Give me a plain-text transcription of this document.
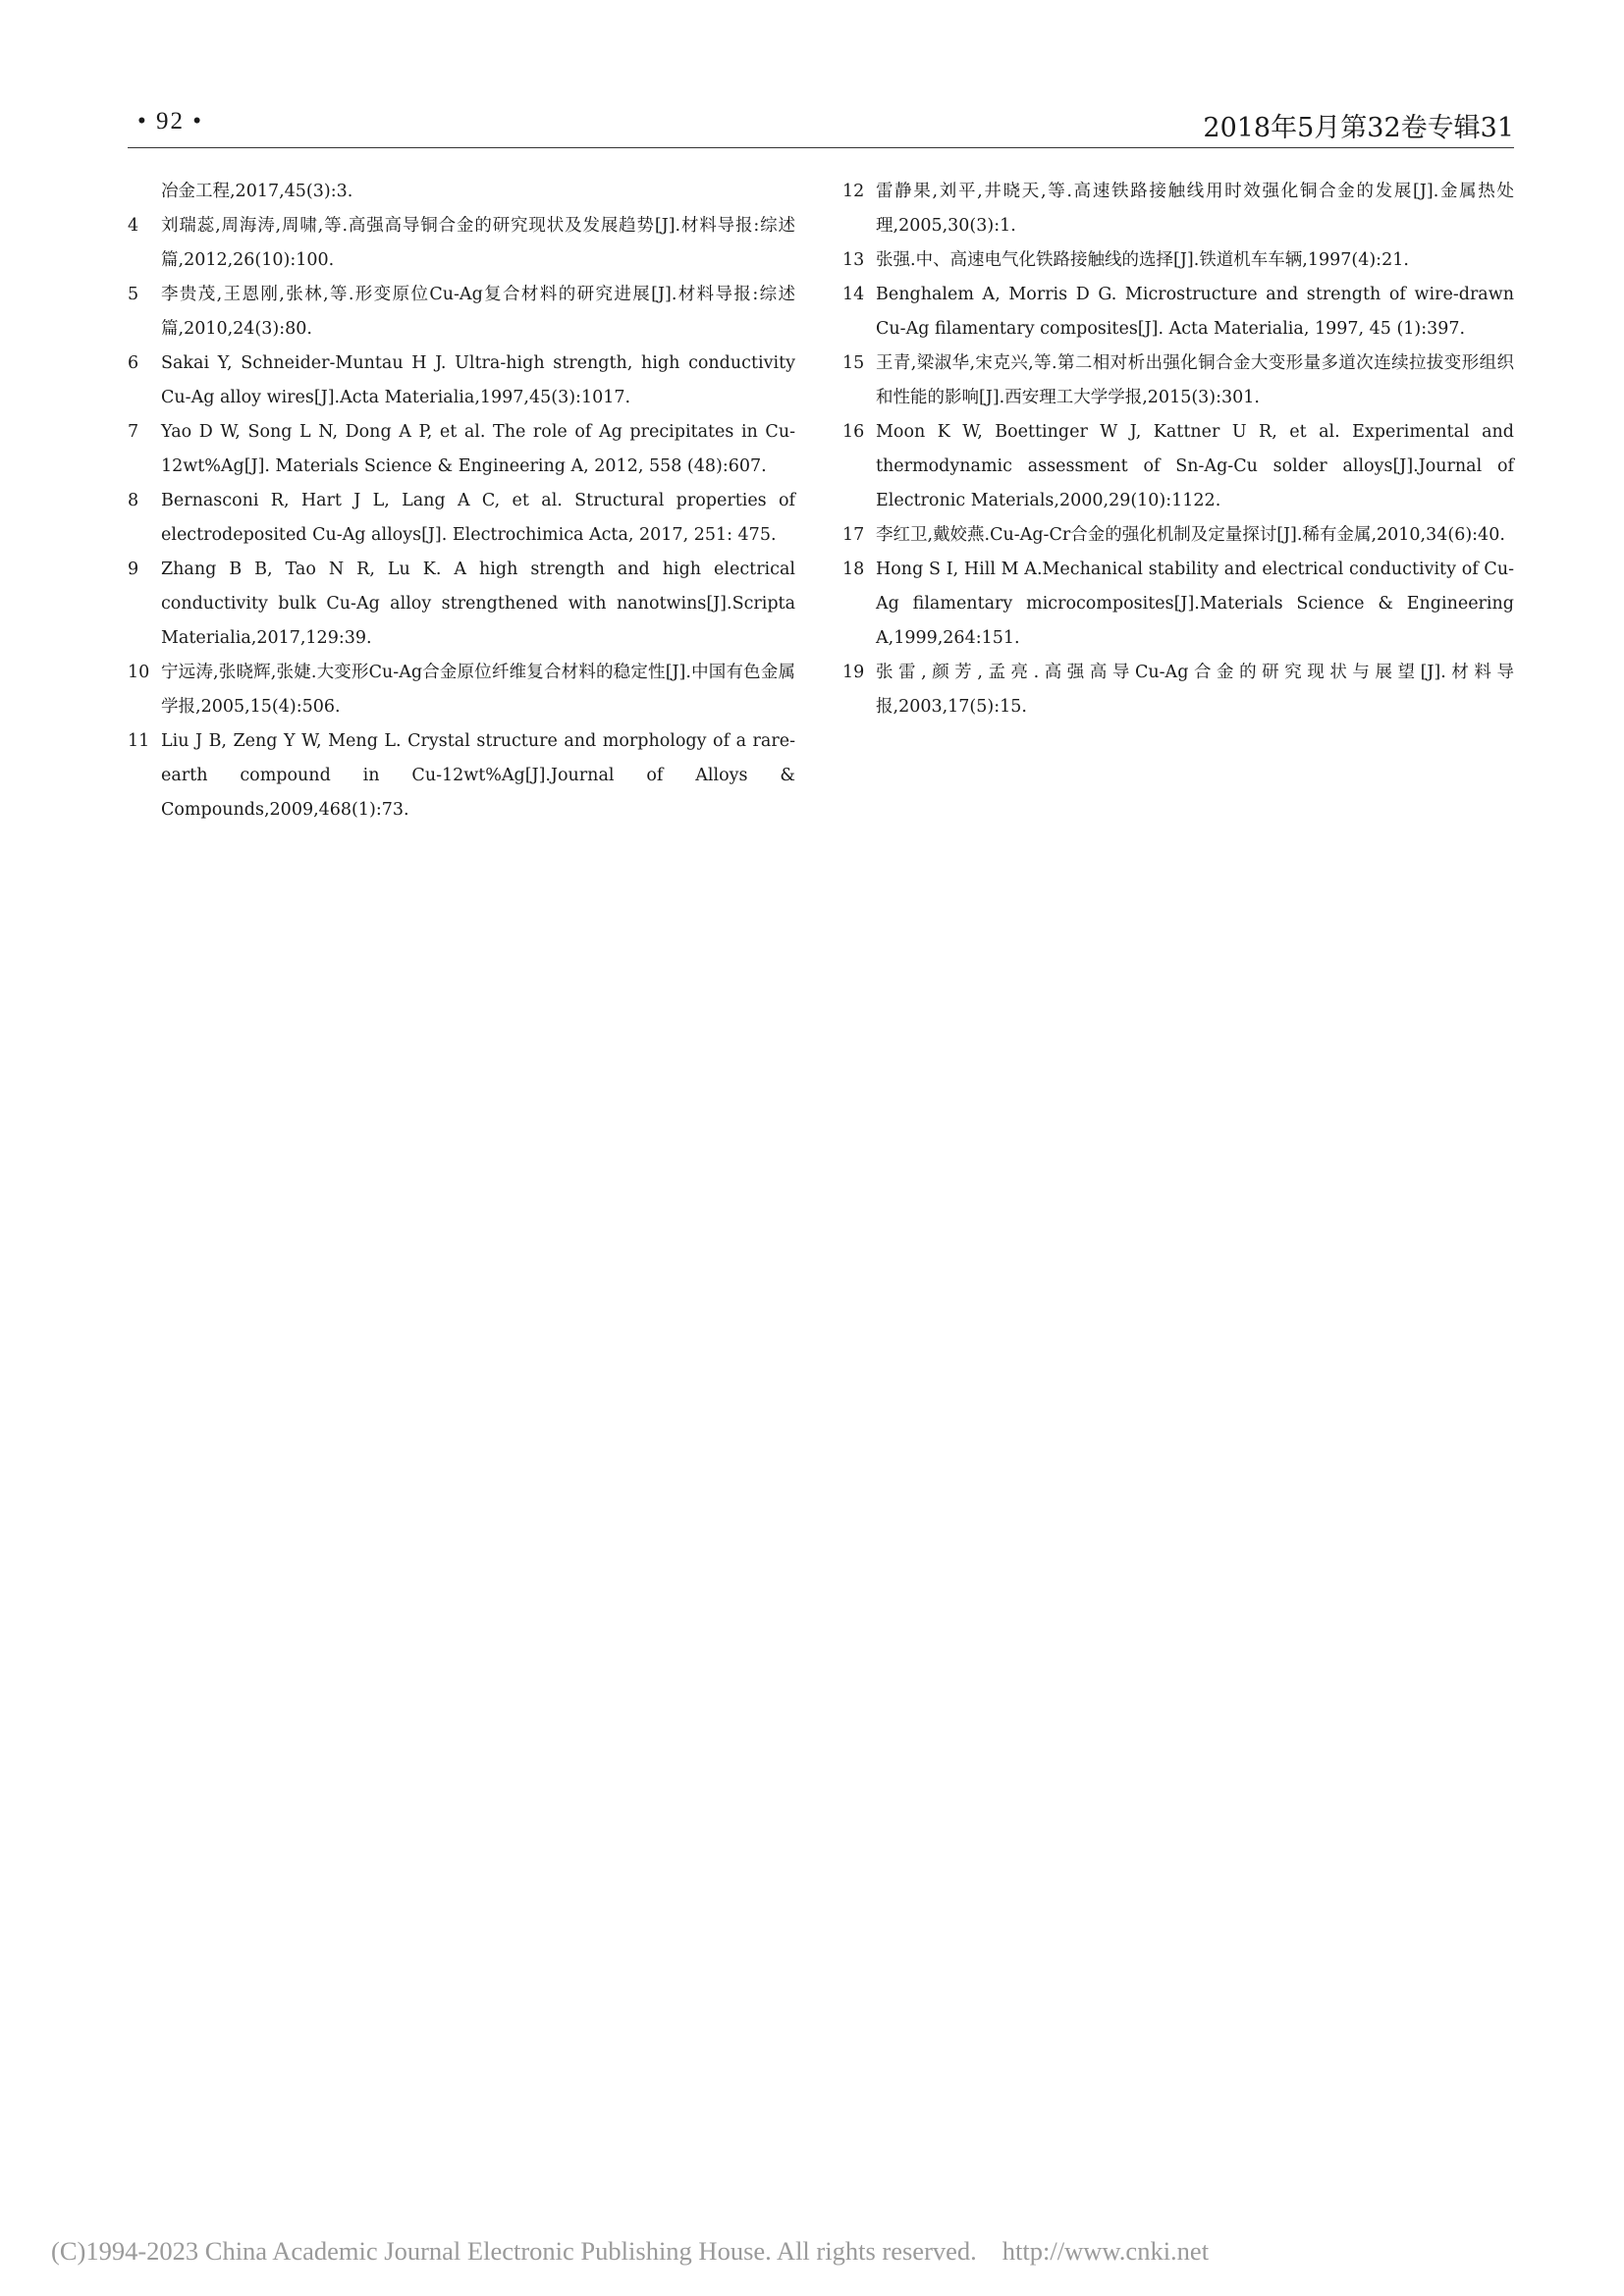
• 92 •	2018年5月第32卷专辑31
冶金工程,2017,45(3):3.
4 刘瑞蕊,周海涛,周啸,等.高强高导铜合金的研究现状及发展趋势[J].材料导报:综述篇,2012,26(10):100.
5 李贵茂,王恩刚,张林,等.形变原位Cu-Ag复合材料的研究进展[J].材料导报:综述篇,2010,24(3):80.
6 Sakai Y, Schneider-Muntau H J. Ultra-high strength, high conductivity Cu-Ag alloy wires[J].Acta Materialia,1997,45(3):1017.
7 Yao D W, Song L N, Dong A P, et al. The role of Ag precipitates in Cu-12wt%Ag[J]. Materials Science & Engineering A, 2012, 558 (48):607.
8 Bernasconi R, Hart J L, Lang A C, et al. Structural properties of electrodeposited Cu-Ag alloys[J]. Electrochimica Acta, 2017, 251: 475.
9 Zhang B B, Tao N R, Lu K. A high strength and high electrical conductivity bulk Cu-Ag alloy strengthened with nanotwins[J].Scripta Materialia,2017,129:39.
10 宁远涛,张晓辉,张婕.大变形Cu-Ag合金原位纤维复合材料的稳定性[J].中国有色金属学报,2005,15(4):506.
11 Liu J B, Zeng Y W, Meng L. Crystal structure and morphology of a rare-earth compound in Cu-12wt%Ag[J].Journal of Alloys & Compounds,2009,468(1):73.
12 雷静果,刘平,井晓天,等.高速铁路接触线用时效强化铜合金的发展[J].金属热处理,2005,30(3):1.
13 张强.中、高速电气化铁路接触线的选择[J].铁道机车车辆,1997(4):21.
14 Benghalem A, Morris D G. Microstructure and strength of wire-drawn Cu-Ag filamentary composites[J]. Acta Materialia, 1997, 45 (1):397.
15 王青,梁淑华,宋克兴,等.第二相对析出强化铜合金大变形量多道次连续拉拔变形组织和性能的影响[J].西安理工大学学报,2015(3):301.
16 Moon K W, Boettinger W J, Kattner U R, et al. Experimental and thermodynamic assessment of Sn-Ag-Cu solder alloys[J].Journal of Electronic Materials,2000,29(10):1122.
17 李红卫,戴姣燕.Cu-Ag-Cr合金的强化机制及定量探讨[J].稀有金属,2010,34(6):40.
18 Hong S I, Hill M A.Mechanical stability and electrical conductivity of Cu-Ag filamentary microcomposites[J].Materials Science & Engineering A,1999,264:151.
19 张雷,颜芳,孟亮.高强高导Cu-Ag合金的研究现状与展望[J].材料导报,2003,17(5):15.
(C)1994-2023 China Academic Journal Electronic Publishing House. All rights reserved. http://www.cnki.net
